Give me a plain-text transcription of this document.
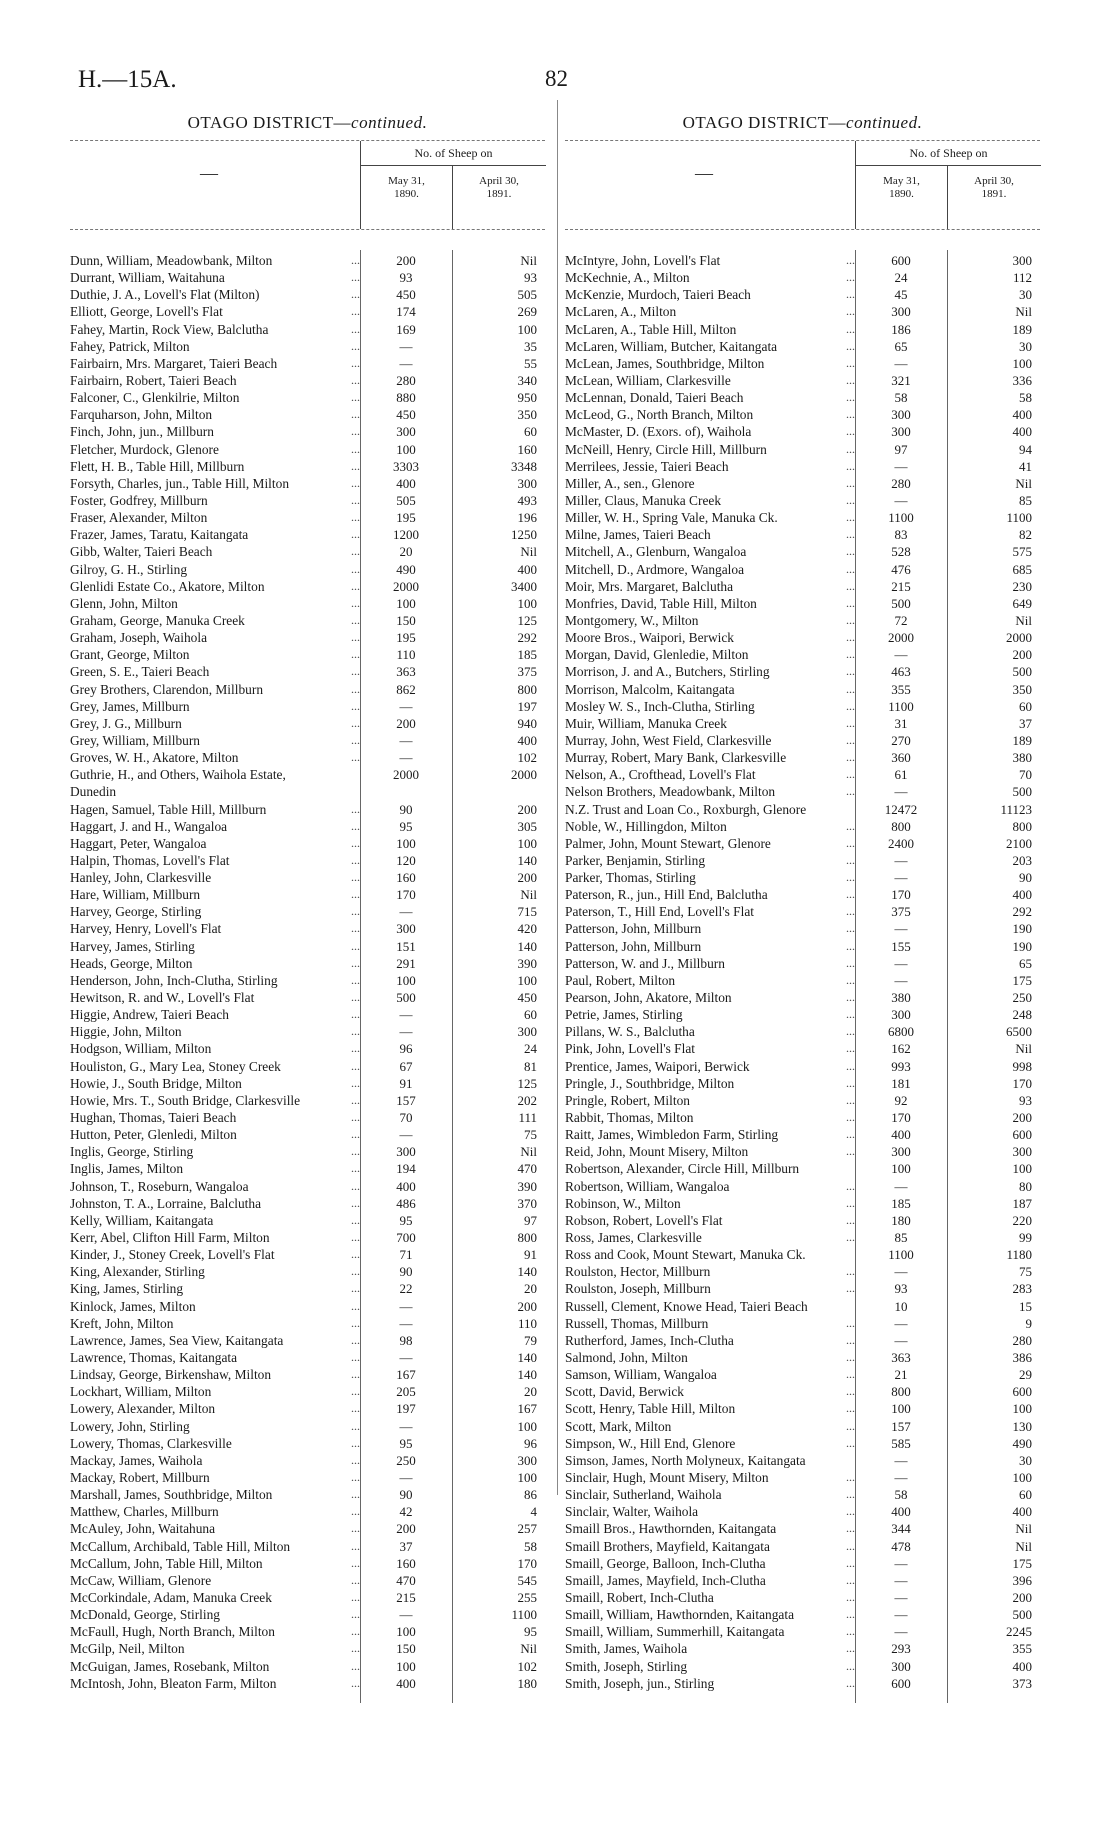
H.—15A.	82
OTAGO DISTRICT—continued.
—
No. of Sheep on
May 31,
1890.
April 30,
1891.
Dunn, William, Meadowbank, Milton	...	200	Nil
Durrant, William, Waitahuna	...	93	93
Duthie, J. A., Lovell's Flat (Milton)	...	450	505
Elliott, George, Lovell's Flat	...	174	269
Fahey, Martin, Rock View, Balclutha	...	169	100
Fahey, Patrick, Milton	...	—	35
Fairbairn, Mrs. Margaret, Taieri Beach	...	—	55
Fairbairn, Robert, Taieri Beach	...	280	340
Falconer, C., Glenkilrie, Milton	...	880	950
Farquharson, John, Milton	...	450	350
Finch, John, jun., Millburn	...	300	60
Fletcher, Murdock, Glenore	...	100	160
Flett, H. B., Table Hill, Millburn	...	3303	3348
Forsyth, Charles, jun., Table Hill, Milton	...	400	300
Foster, Godfrey, Millburn	...	505	493
Fraser, Alexander, Milton	...	195	196
Frazer, James, Taratu, Kaitangata	...	1200	1250
Gibb, Walter, Taieri Beach	...	20	Nil
Gilroy, G. H., Stirling	...	490	400
Glenlidi Estate Co., Akatore, Milton	...	2000	3400
Glenn, John, Milton	...	100	100
Graham, George, Manuka Creek	...	150	125
Graham, Joseph, Waihola	...	195	292
Grant, George, Milton	...	110	185
Green, S. E., Taieri Beach	...	363	375
Grey Brothers, Clarendon, Millburn	...	862	800
Grey, James, Millburn	...	—	197
Grey, J. G., Millburn	...	200	940
Grey, William, Millburn	...	—	400
Groves, W. H., Akatore, Milton	...	—	102
Guthrie, H., and Others, Waihola Estate,	2000	2000
Dunedin
Hagen, Samuel, Table Hill, Millburn	...	90	200
Haggart, J. and H., Wangaloa	...	95	305
Haggart, Peter, Wangaloa	...	100	100
Halpin, Thomas, Lovell's Flat	...	120	140
Hanley, John, Clarkesville	...	160	200
Hare, William, Millburn	...	170	Nil
Harvey, George, Stirling	...	—	715
Harvey, Henry, Lovell's Flat	...	300	420
Harvey, James, Stirling	...	151	140
Heads, George, Milton	...	291	390
Henderson, John, Inch-Clutha, Stirling	...	100	100
Hewitson, R. and W., Lovell's Flat	...	500	450
Higgie, Andrew, Taieri Beach	...	—	60
Higgie, John, Milton	...	—	300
Hodgson, William, Milton	...	96	24
Houliston, G., Mary Lea, Stoney Creek	...	67	81
Howie, J., South Bridge, Milton	...	91	125
Howie, Mrs. T., South Bridge, Clarkesville	...	157	202
Hughan, Thomas, Taieri Beach	...	70	111
Hutton, Peter, Glenledi, Milton	...	—	75
Inglis, George, Stirling	...	300	Nil
Inglis, James, Milton	...	194	470
Johnson, T., Roseburn, Wangaloa	...	400	390
Johnston, T. A., Lorraine, Balclutha	...	486	370
Kelly, William, Kaitangata	...	95	97
Kerr, Abel, Clifton Hill Farm, Milton	...	700	800
Kinder, J., Stoney Creek, Lovell's Flat	...	71	91
King, Alexander, Stirling	...	90	140
King, James, Stirling	...	22	20
Kinlock, James, Milton	...	—	200
Kreft, John, Milton	...	—	110
Lawrence, James, Sea View, Kaitangata	...	98	79
Lawrence, Thomas, Kaitangata	...	—	140
Lindsay, George, Birkenshaw, Milton	...	167	140
Lockhart, William, Milton	...	205	20
Lowery, Alexander, Milton	...	197	167
Lowery, John, Stirling	...	—	100
Lowery, Thomas, Clarkesville	...	95	96
Mackay, James, Waihola	...	250	300
Mackay, Robert, Millburn	...	—	100
Marshall, James, Southbridge, Milton	...	90	86
Matthew, Charles, Millburn	...	42	4
McAuley, John, Waitahuna	...	200	257
McCallum, Archibald, Table Hill, Milton	...	37	58
McCallum, John, Table Hill, Milton	...	160	170
McCaw, William, Glenore	...	470	545
McCorkindale, Adam, Manuka Creek	...	215	255
McDonald, George, Stirling	...	—	1100
McFaull, Hugh, North Branch, Milton	...	100	95
McGilp, Neil, Milton	...	150	Nil
McGuigan, James, Rosebank, Milton	...	100	102
McIntosh, John, Bleaton Farm, Milton	...	400	180
OTAGO DISTRICT—continued.
—
No. of Sheep on
May 31,
1890.
April 30,
1891.
McIntyre, John, Lovell's Flat	...	600	300
McKechnie, A., Milton	...	24	112
McKenzie, Murdoch, Taieri Beach	...	45	30
McLaren, A., Milton	...	300	Nil
McLaren, A., Table Hill, Milton	...	186	189
McLaren, William, Butcher, Kaitangata	...	65	30
McLean, James, Southbridge, Milton	...	—	100
McLean, William, Clarkesville	...	321	336
McLennan, Donald, Taieri Beach	...	58	58
McLeod, G., North Branch, Milton	...	300	400
McMaster, D. (Exors. of), Waihola	...	300	400
McNeill, Henry, Circle Hill, Millburn	...	97	94
Merrilees, Jessie, Taieri Beach	...	—	41
Miller, A., sen., Glenore	...	280	Nil
Miller, Claus, Manuka Creek	...	—	85
Miller, W. H., Spring Vale, Manuka Ck.	...	1100	1100
Milne, James, Taieri Beach	...	83	82
Mitchell, A., Glenburn, Wangaloa	...	528	575
Mitchell, D., Ardmore, Wangaloa	...	476	685
Moir, Mrs. Margaret, Balclutha	...	215	230
Monfries, David, Table Hill, Milton	...	500	649
Montgomery, W., Milton	...	72	Nil
Moore Bros., Waipori, Berwick	...	2000	2000
Morgan, David, Glenledie, Milton	...	—	200
Morrison, J. and A., Butchers, Stirling	...	463	500
Morrison, Malcolm, Kaitangata	...	355	350
Mosley W. S., Inch-Clutha, Stirling	...	1100	60
Muir, William, Manuka Creek	...	31	37
Murray, John, West Field, Clarkesville	...	270	189
Murray, Robert, Mary Bank, Clarkesville	...	360	380
Nelson, A., Crofthead, Lovell's Flat	...	61	70
Nelson Brothers, Meadowbank, Milton	...	—	500
N.Z. Trust and Loan Co., Roxburgh, Glenore	12472	11123
Noble, W., Hillingdon, Milton	...	800	800
Palmer, John, Mount Stewart, Glenore	...	2400	2100
Parker, Benjamin, Stirling	...	—	203
Parker, Thomas, Stirling	...	—	90
Paterson, R., jun., Hill End, Balclutha	...	170	400
Paterson, T., Hill End, Lovell's Flat	...	375	292
Patterson, John, Millburn	...	—	190
Patterson, John, Millburn	...	155	190
Patterson, W. and J., Millburn	...	—	65
Paul, Robert, Milton	...	—	175
Pearson, John, Akatore, Milton	...	380	250
Petrie, James, Stirling	...	300	248
Pillans, W. S., Balclutha	...	6800	6500
Pink, John, Lovell's Flat	...	162	Nil
Prentice, James, Waipori, Berwick	...	993	998
Pringle, J., Southbridge, Milton	...	181	170
Pringle, Robert, Milton	...	92	93
Rabbit, Thomas, Milton	...	170	200
Raitt, James, Wimbledon Farm, Stirling	...	400	600
Reid, John, Mount Misery, Milton	...	300	300
Robertson, Alexander, Circle Hill, Millburn	100	100
Robertson, William, Wangaloa	...	—	80
Robinson, W., Milton	...	185	187
Robson, Robert, Lovell's Flat	...	180	220
Ross, James, Clarkesville	...	85	99
Ross and Cook, Mount Stewart, Manuka Ck.	1100	1180
Roulston, Hector, Millburn	...	—	75
Roulston, Joseph, Millburn	...	93	283
Russell, Clement, Knowe Head, Taieri Beach	10	15
Russell, Thomas, Millburn	...	—	9
Rutherford, James, Inch-Clutha	...	—	280
Salmond, John, Milton	...	363	386
Samson, William, Wangaloa	...	21	29
Scott, David, Berwick	...	800	600
Scott, Henry, Table Hill, Milton	...	100	100
Scott, Mark, Milton	...	157	130
Simpson, W., Hill End, Glenore	...	585	490
Simson, James, North Molyneux, Kaitangata	—	30
Sinclair, Hugh, Mount Misery, Milton	...	—	100
Sinclair, Sutherland, Waihola	...	58	60
Sinclair, Walter, Waihola	...	400	400
Smaill Bros., Hawthornden, Kaitangata	...	344	Nil
Smaill Brothers, Mayfield, Kaitangata	...	478	Nil
Smaill, George, Balloon, Inch-Clutha	...	—	175
Smaill, James, Mayfield, Inch-Clutha	...	—	396
Smaill, Robert, Inch-Clutha	...	—	200
Smaill, William, Hawthornden, Kaitangata	...	—	500
Smaill, William, Summerhill, Kaitangata	...	—	2245
Smith, James, Waihola	...	293	355
Smith, Joseph, Stirling	...	300	400
Smith, Joseph, jun., Stirling	...	600	373
